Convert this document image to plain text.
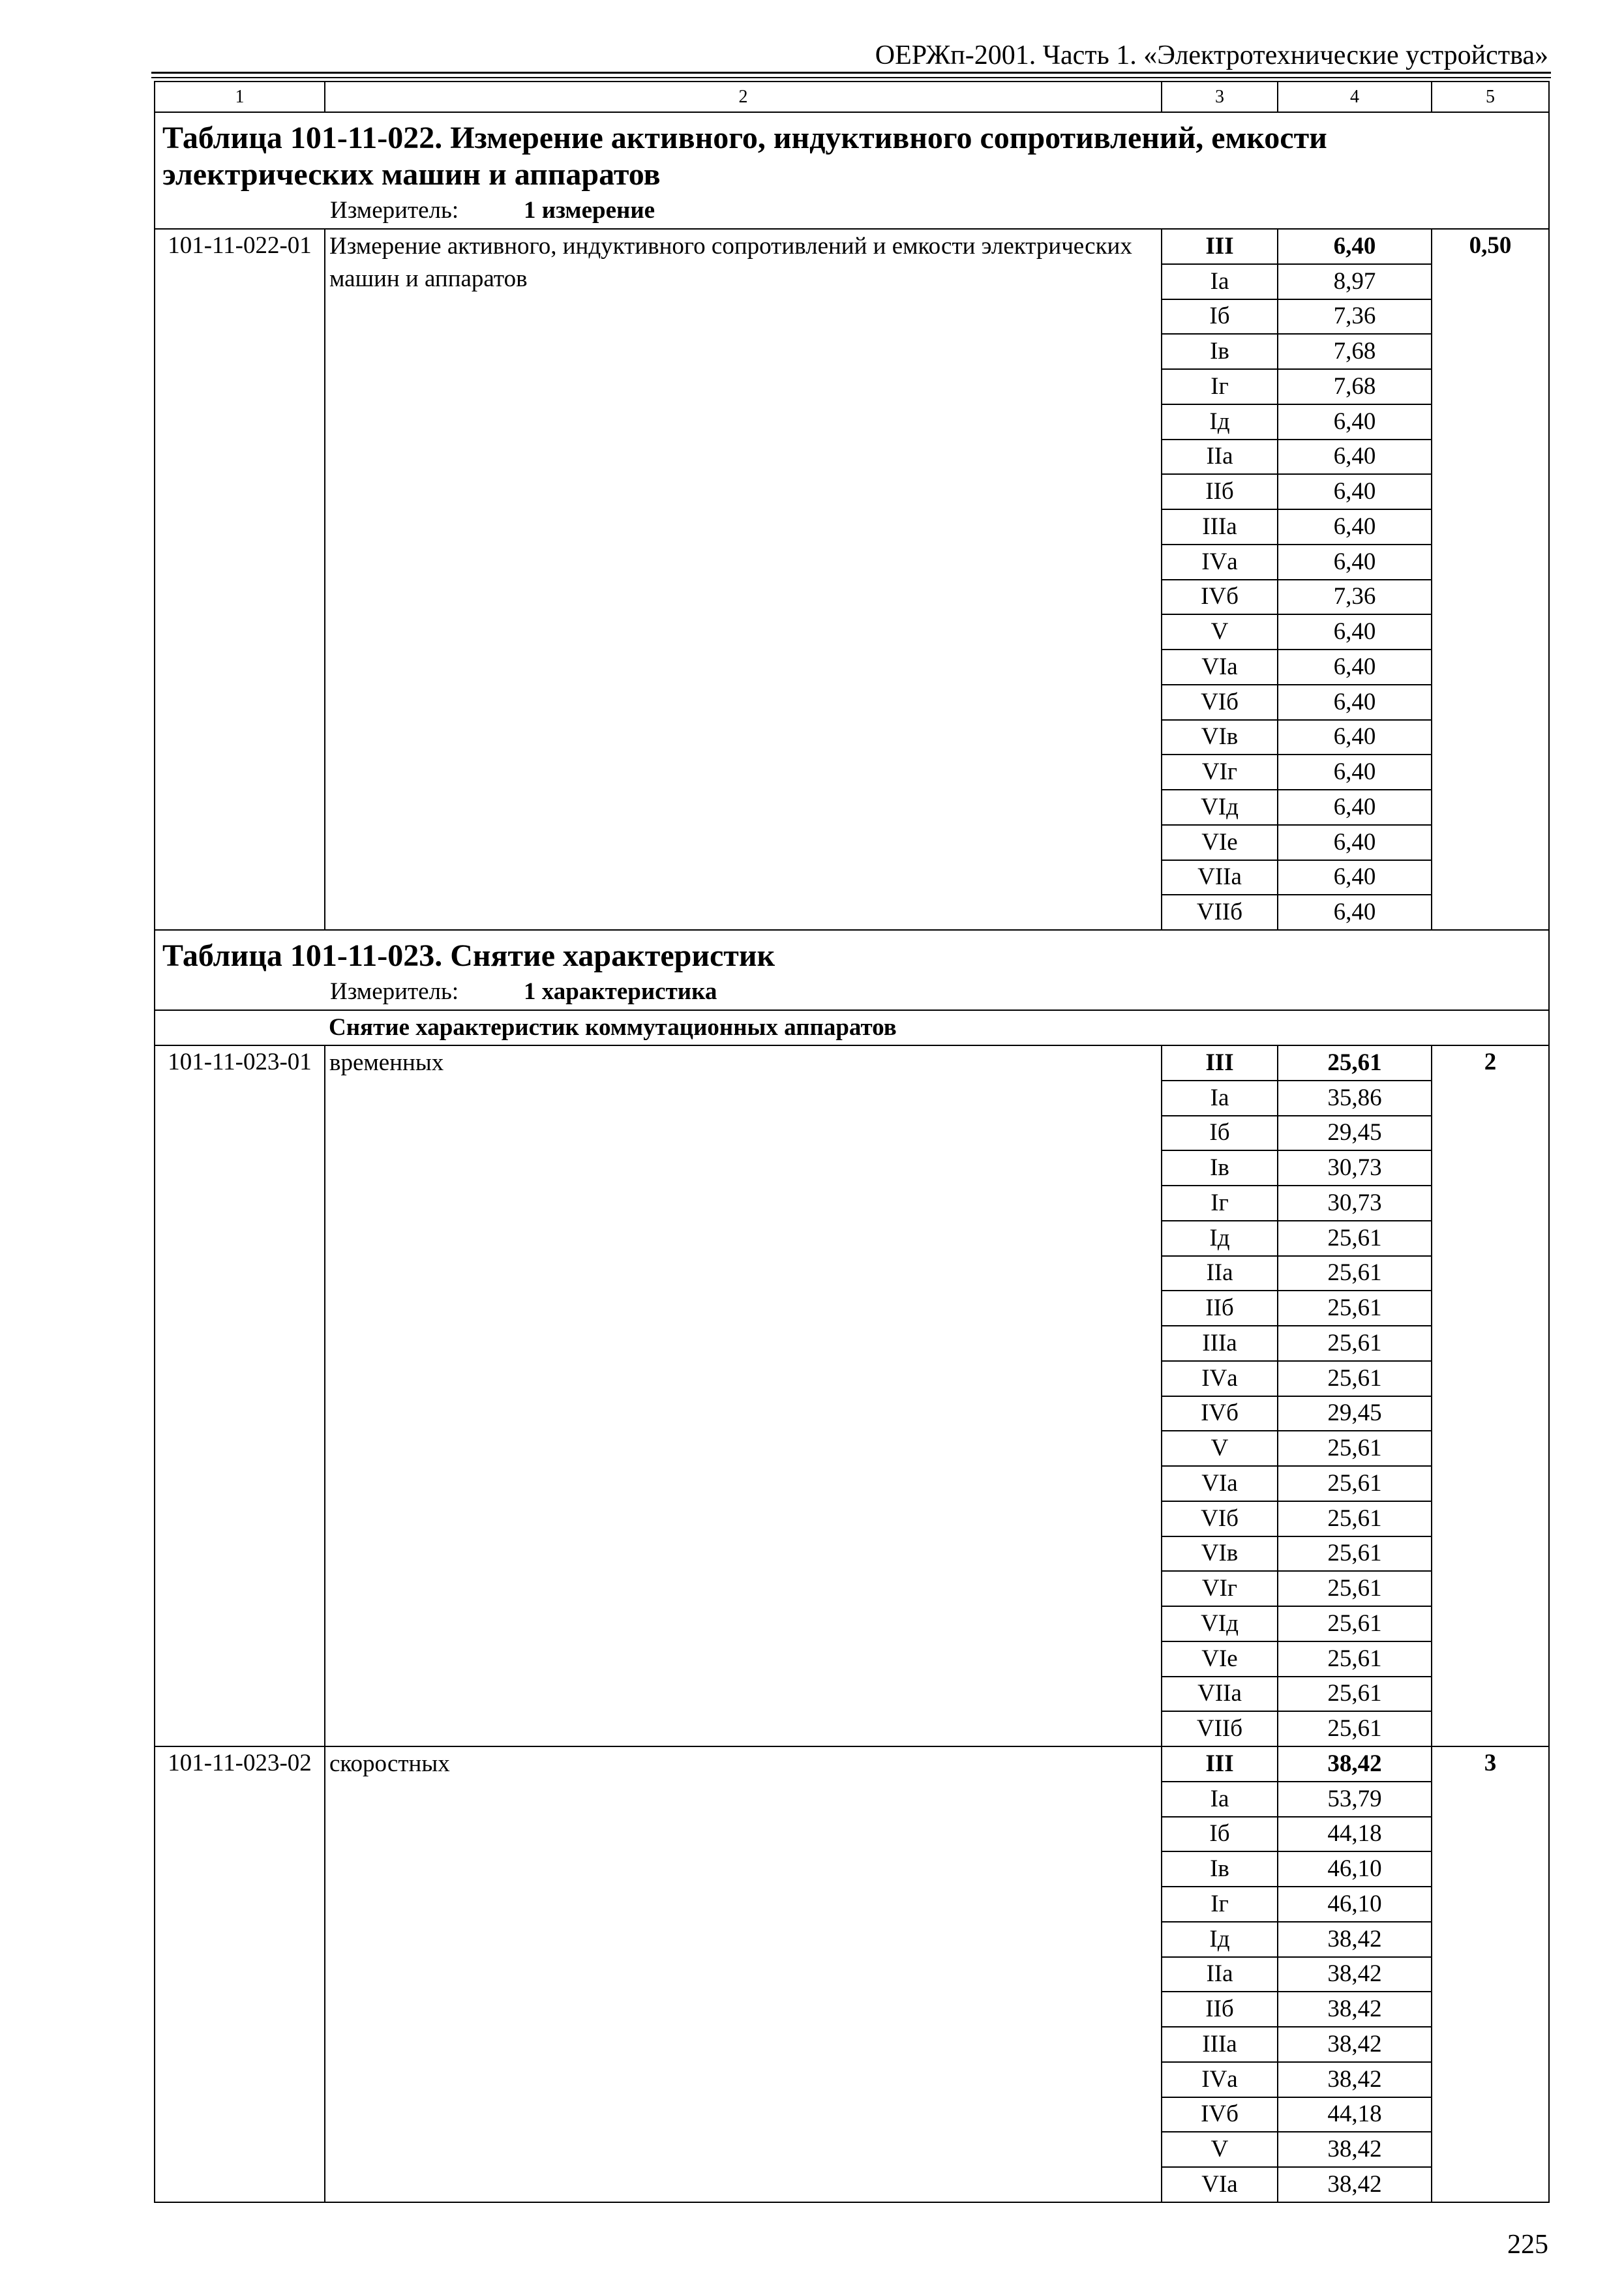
ОЕРЖп-2001. Часть 1. «Электротехнические устройства»
1	2	3	4	5

Таблица 101-11-022. Измерение активного, индуктивного сопротивлений, емкости электрических машин и аппаратов
Измеритель: 1 измерение				

101-11-022-01	Измерение активного, индуктивного сопротивлений и емкости электрических машин и аппаратов	III	6,40	0,50
		Iа	8,97	
		Iб	7,36	
		Iв	7,68	
		Iг	7,68	
		Iд	6,40	
		IIа	6,40	
		IIб	6,40	
		IIIа	6,40	
		IVа	6,40	
		IVб	7,36	
		V	6,40	
		VIа	6,40	
		VIб	6,40	
		VIв	6,40	
		VIг	6,40	
		VIд	6,40	
		VIе	6,40	
		VIIа	6,40	
		VIIб	6,40	

Таблица 101-11-023. Снятие характеристик
Измеритель: 1 характеристика				

Снятие характеристик коммутационных аппаратов				
101-11-023-01	временных	III	25,61	2
		Iа	35,86	
		Iб	29,45	
		Iв	30,73	
		Iг	30,73	
		Iд	25,61	
		IIа	25,61	
		IIб	25,61	
		IIIа	25,61	
		IVа	25,61	
		IVб	29,45	
		V	25,61	
		VIа	25,61	
		VIб	25,61	
		VIв	25,61	
		VIг	25,61	
		VIд	25,61	
		VIе	25,61	
		VIIа	25,61	
		VIIб	25,61	
101-11-023-02	скоростных	III	38,42	3
		Iа	53,79	
		Iб	44,18	
		Iв	46,10	
		Iг	46,10	
		Iд	38,42	
		IIа	38,42	
		IIб	38,42	
		IIIа	38,42	
		IVа	38,42	
		IVб	44,18	
		V	38,42	
		VIа	38,42	
225
